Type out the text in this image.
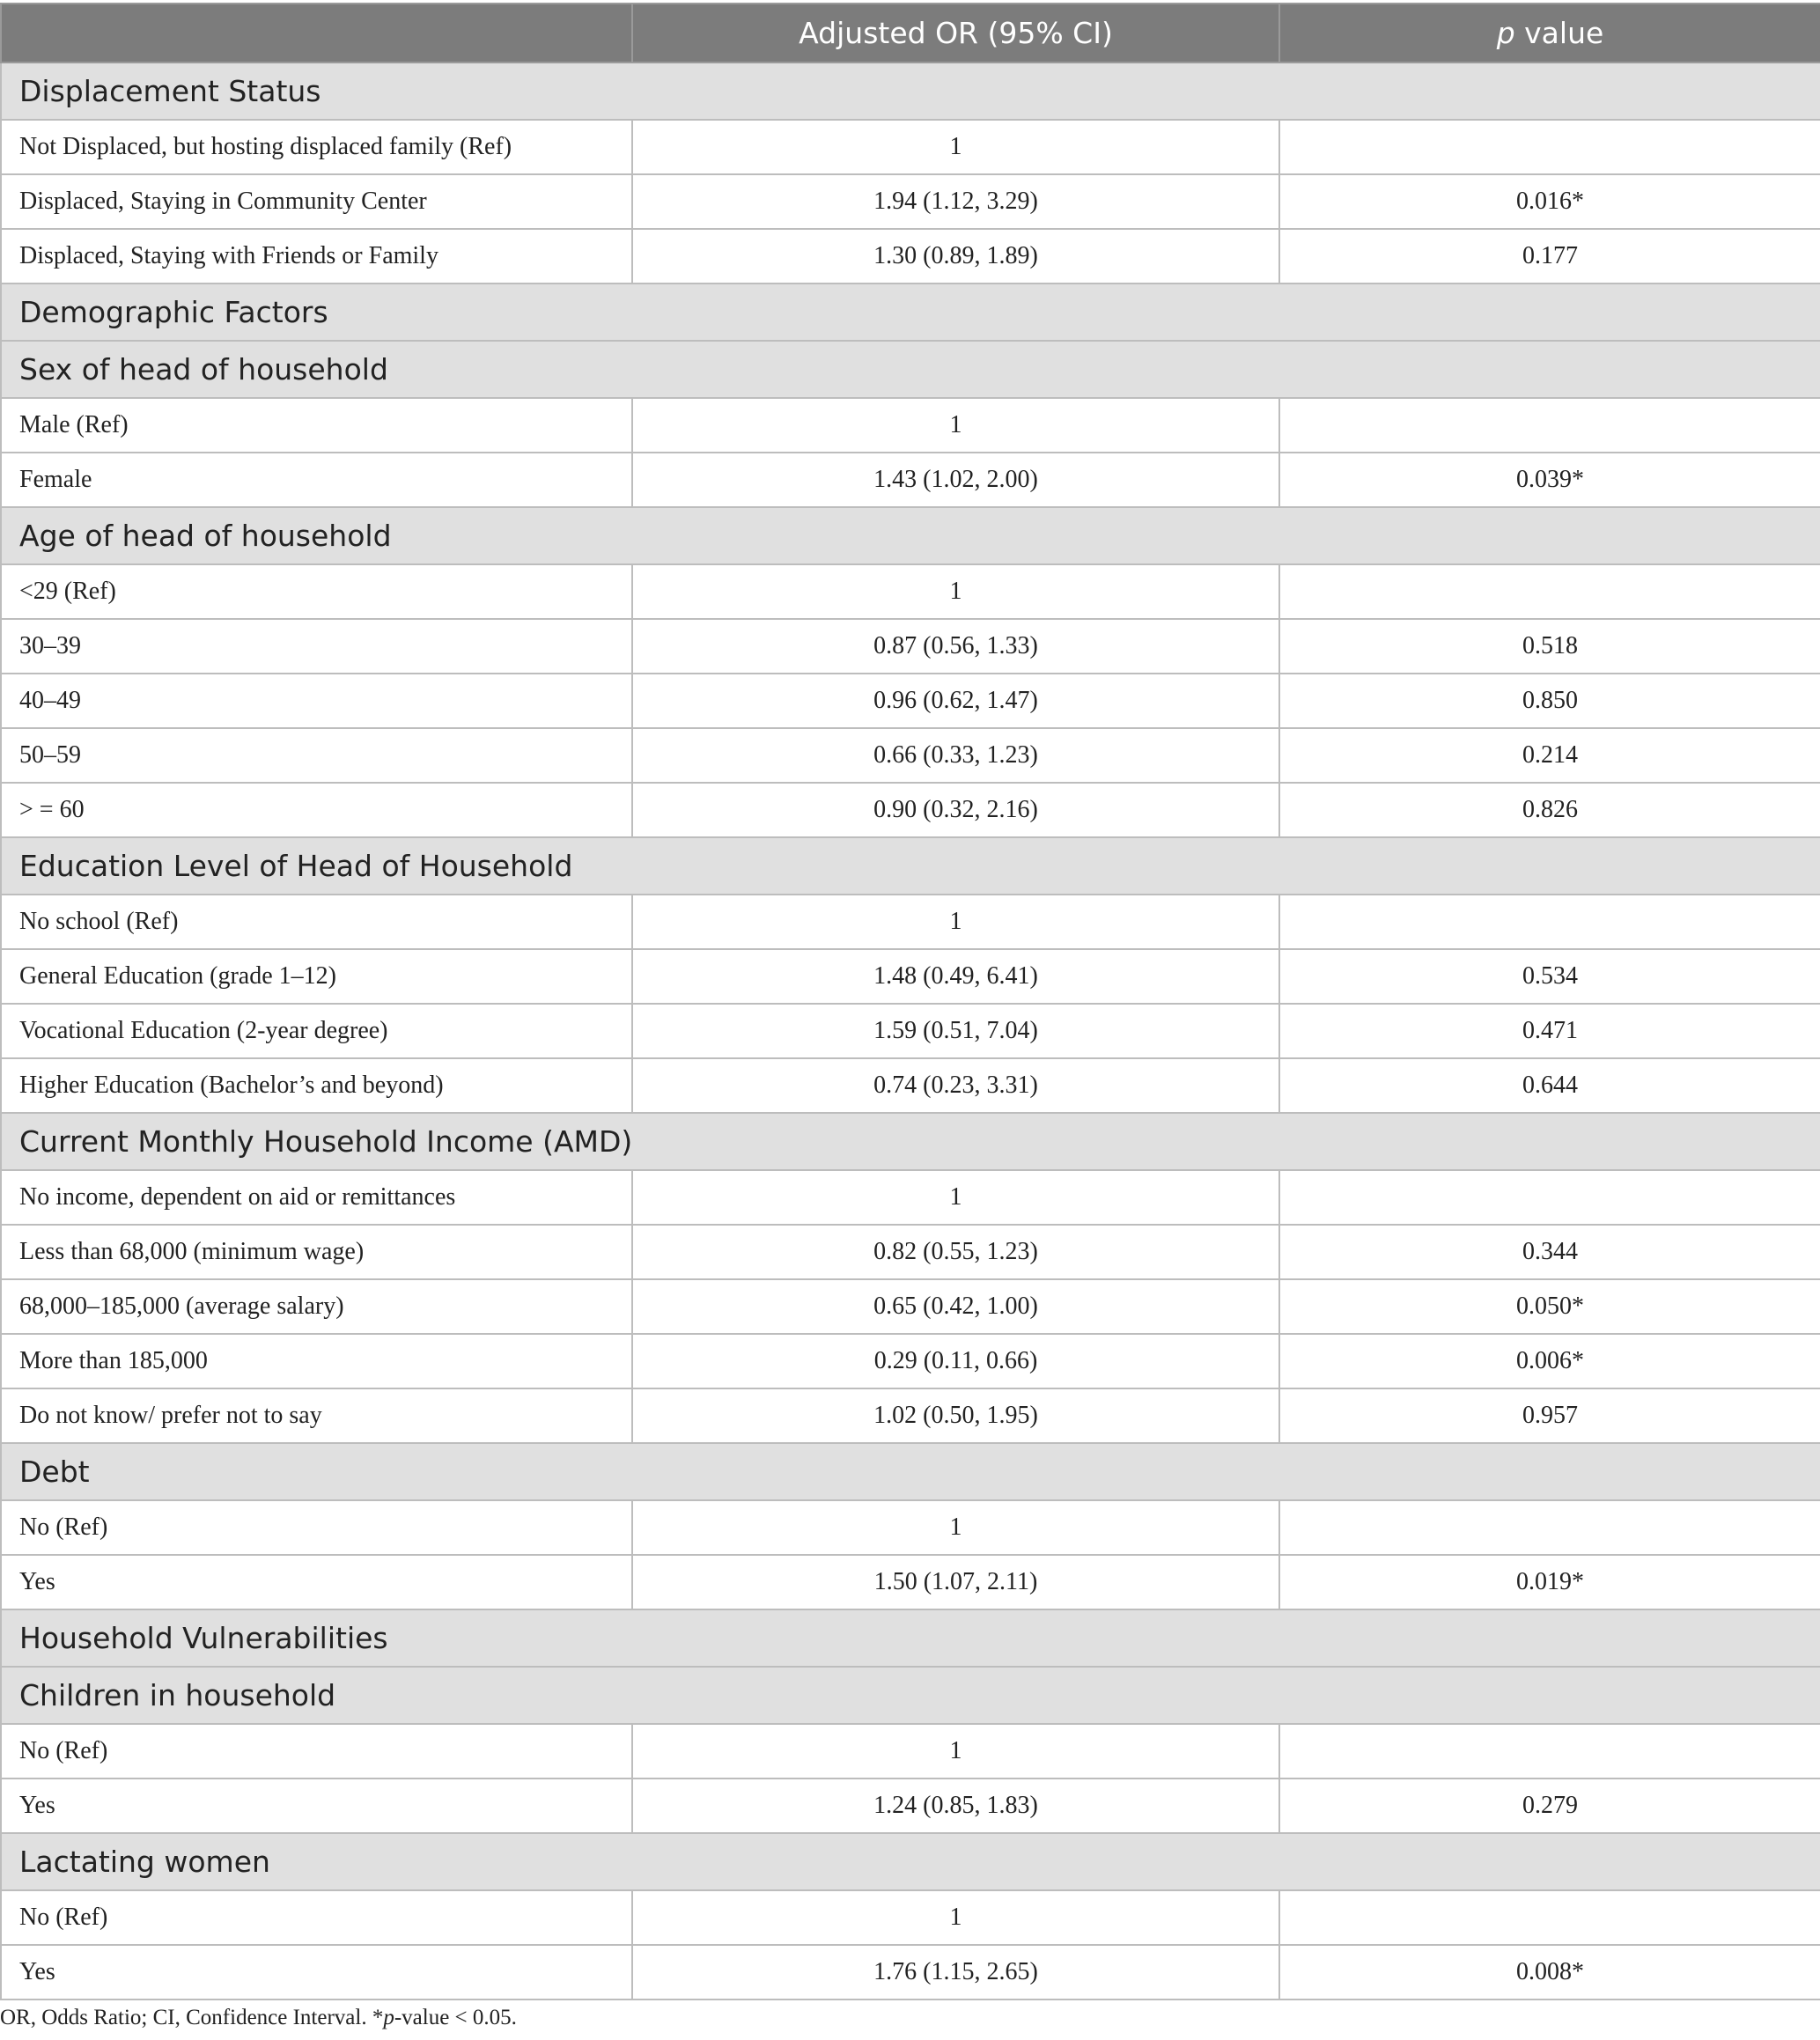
	Adjusted OR (95% CI)	p value
Displacement Status		
Not Displaced, but hosting displaced family (Ref)	1	
Displaced, Staying in Community Center	1.94 (1.12, 3.29)	0.016*
Displaced, Staying with Friends or Family	1.30 (0.89, 1.89)	0.177
Demographic Factors		
Sex of head of household		
Male (Ref)	1	
Female	1.43 (1.02, 2.00)	0.039*
Age of head of household		
<29 (Ref)	1	
30–39	0.87 (0.56, 1.33)	0.518
40–49	0.96 (0.62, 1.47)	0.850
50–59	0.66 (0.33, 1.23)	0.214
> = 60	0.90 (0.32, 2.16)	0.826
Education Level of Head of Household		
No school (Ref)	1	
General Education (grade 1–12)	1.48 (0.49, 6.41)	0.534
Vocational Education (2-year degree)	1.59 (0.51, 7.04)	0.471
Higher Education (Bachelor’s and beyond)	0.74 (0.23, 3.31)	0.644
Current Monthly Household Income (AMD)		
No income, dependent on aid or remittances	1	
Less than 68,000 (minimum wage)	0.82 (0.55, 1.23)	0.344
68,000–185,000 (average salary)	0.65 (0.42, 1.00)	0.050*
More than 185,000	0.29 (0.11, 0.66)	0.006*
Do not know/ prefer not to say	1.02 (0.50, 1.95)	0.957
Debt		
No (Ref)	1	
Yes	1.50 (1.07, 2.11)	0.019*
Household Vulnerabilities		
Children in household		
No (Ref)	1	
Yes	1.24 (0.85, 1.83)	0.279
Lactating women		
No (Ref)	1	
Yes	1.76 (1.15, 2.65)	0.008*
OR, Odds Ratio; CI, Confidence Interval. *p-value < 0.05.
